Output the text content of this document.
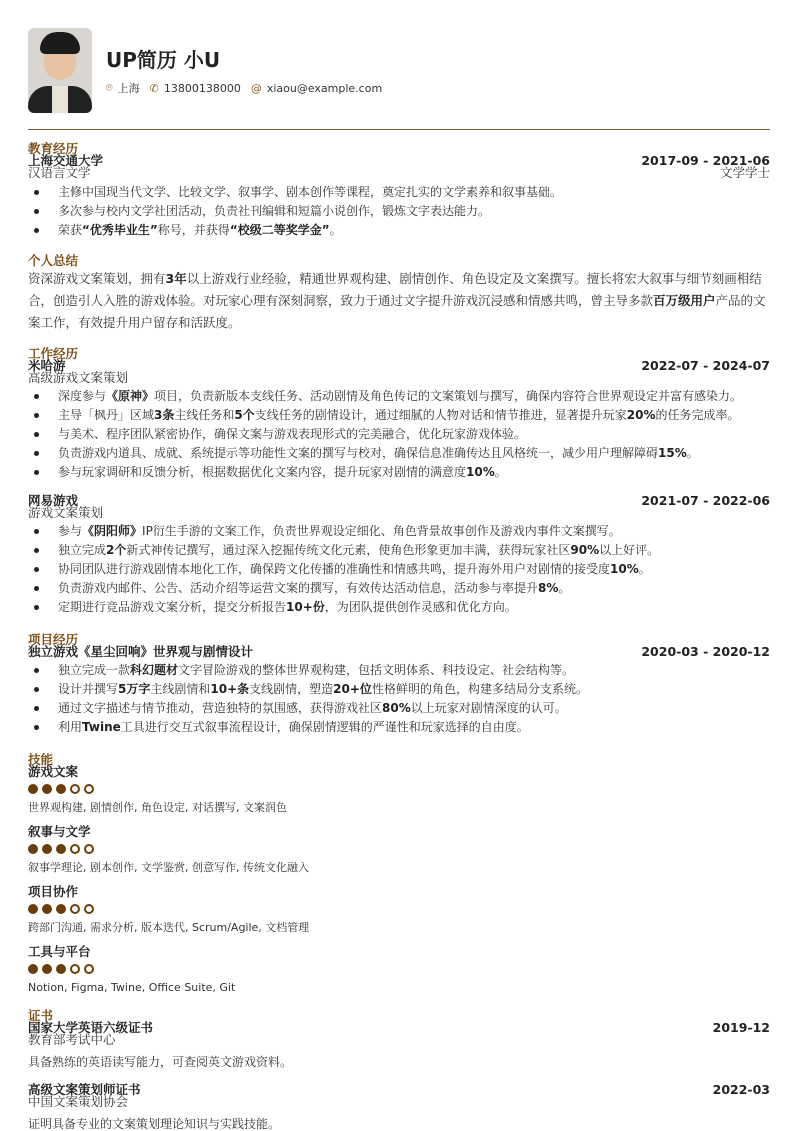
UP简历 小U
⌾ 上海 ✆ 13800138000 @ xiaou@example.com
教育经历
上海交通大学	2017-09 - 2021-06
汉语言文学	文学学士
主修中国现当代文学、比较文学、叙事学、剧本创作等课程，奠定扎实的文学素养和叙事基础。
多次参与校内文学社团活动，负责社刊编辑和短篇小说创作，锻炼文字表达能力。
荣获“优秀毕业生”称号，并获得“校级二等奖学金”。
个人总结
资深游戏文案策划，拥有3年以上游戏行业经验，精通世界观构建、剧情创作、角色设定及文案撰写。擅长将宏大叙事与细节刻画相结
合，创造引人入胜的游戏体验。对玩家心理有深刻洞察，致力于通过文字提升游戏沉浸感和情感共鸣，曾主导多款百万级用户产品的文
案工作，有效提升用户留存和活跃度。
工作经历
米哈游	2022-07 - 2024-07
高级游戏文案策划
深度参与《原神》项目，负责新版本支线任务、活动剧情及角色传记的文案策划与撰写，确保内容符合世界观设定并富有感染力。
主导「枫丹」区域3条主线任务和5个支线任务的剧情设计，通过细腻的人物对话和情节推进，显著提升玩家20%的任务完成率。
与美术、程序团队紧密协作，确保文案与游戏表现形式的完美融合，优化玩家游戏体验。
负责游戏内道具、成就、系统提示等功能性文案的撰写与校对，确保信息准确传达且风格统一，减少用户理解障碍15%。
参与玩家调研和反馈分析，根据数据优化文案内容，提升玩家对剧情的满意度10%。
网易游戏	2021-07 - 2022-06
游戏文案策划
参与《阴阳师》IP衍生手游的文案工作，负责世界观设定细化、角色背景故事创作及游戏内事件文案撰写。
独立完成2个新式神传记撰写，通过深入挖掘传统文化元素，使角色形象更加丰满，获得玩家社区90%以上好评。
协同团队进行游戏剧情本地化工作，确保跨文化传播的准确性和情感共鸣，提升海外用户对剧情的接受度10%。
负责游戏内邮件、公告、活动介绍等运营文案的撰写，有效传达活动信息，活动参与率提升8%。
定期进行竞品游戏文案分析，提交分析报告10+份，为团队提供创作灵感和优化方向。
项目经历
独立游戏《星尘回响》世界观与剧情设计	2020-03 - 2020-12
独立完成一款科幻题材文字冒险游戏的整体世界观构建，包括文明体系、科技设定、社会结构等。
设计并撰写5万字主线剧情和10+条支线剧情，塑造20+位性格鲜明的角色，构建多结局分支系统。
通过文字描述与情节推动，营造独特的氛围感，获得游戏社区80%以上玩家对剧情深度的认可。
利用Twine工具进行交互式叙事流程设计，确保剧情逻辑的严谨性和玩家选择的自由度。
技能
游戏文案
世界观构建, 剧情创作, 角色设定, 对话撰写, 文案润色
叙事与文学
叙事学理论, 剧本创作, 文学鉴赏, 创意写作, 传统文化融入
项目协作
跨部门沟通, 需求分析, 版本迭代, Scrum/Agile, 文档管理
工具与平台
Notion, Figma, Twine, Office Suite, Git
证书
国家大学英语六级证书	2019-12
教育部考试中心
具备熟练的英语读写能力，可查阅英文游戏资料。
高级文案策划师证书	2022-03
中国文案策划协会
证明具备专业的文案策划理论知识与实践技能。
